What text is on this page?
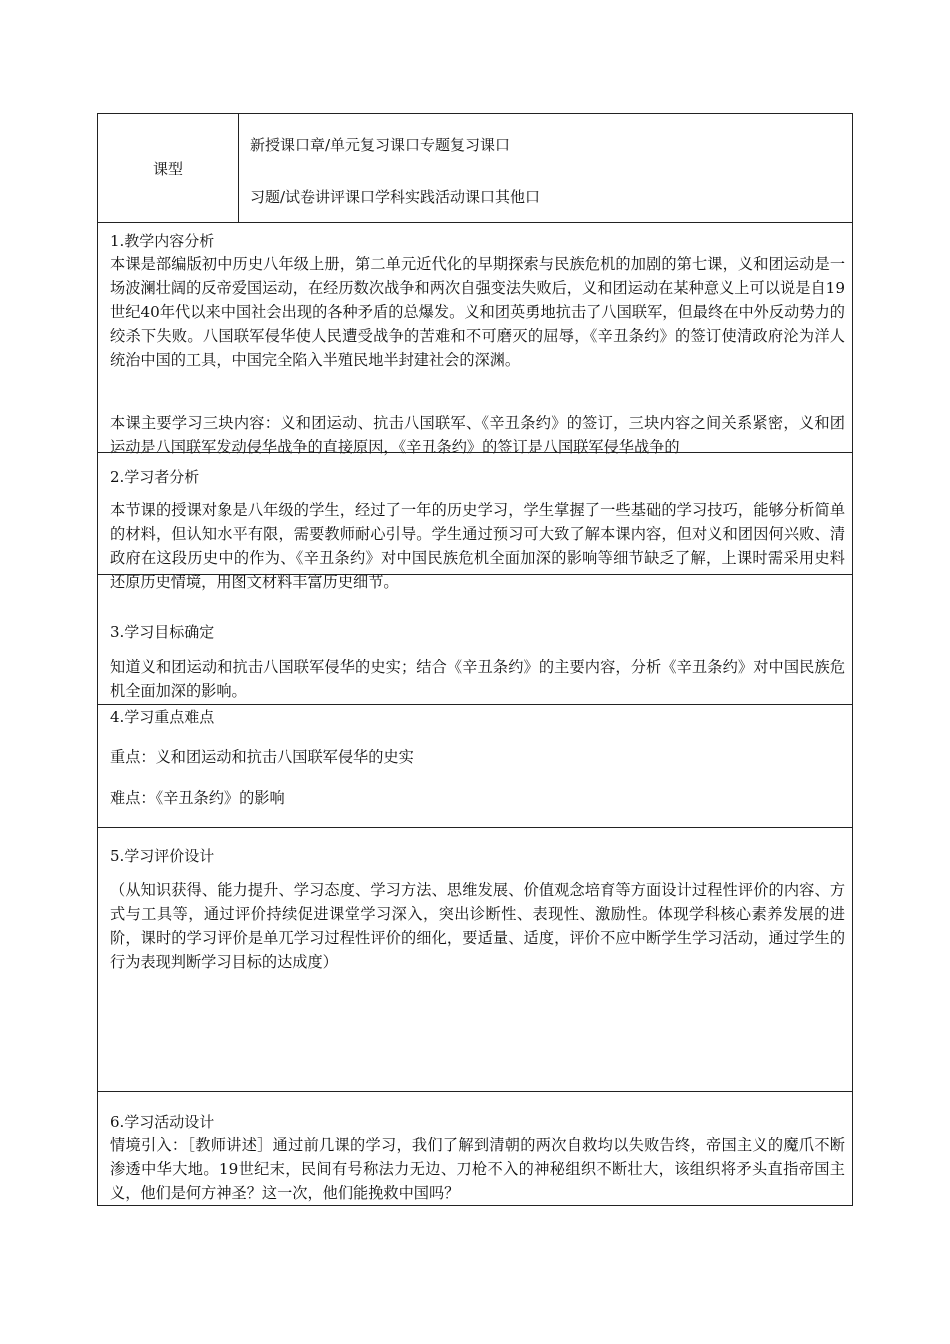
课型
新授课口章/单元复习课口专题复习课口
习题/试卷讲评课口学科实践活动课口其他口
1.教学内容分析
本课是部编版初中历史八年级上册，第二单元近代化的早期探索与民族危机的加剧的第七课，义和团运动是一场波澜壮阔的反帝爱国运动，在经历数次战争和两次自强变法失败后，义和团运动在某种意义上可以说是自19世纪40年代以来中国社会出现的各种矛盾的总爆发。义和团英勇地抗击了八国联军，但最终在中外反动势力的绞杀下失败。八国联军侵华使人民遭受战争的苦难和不可磨灭的屈辱，《辛丑条约》的签订使清政府沦为洋人统治中国的工具，中国完全陷入半殖民地半封建社会的深渊。
本课主要学习三块内容：义和团运动、抗击八国联军、《辛丑条约》的签订，三块内容之间关系紧密，义和团运动是八国联军发动侵华战争的直接原因，《辛丑条约》的签订是八国联军侵华战争的
2.学习者分析
本节课的授课对象是八年级的学生，经过了一年的历史学习，学生掌握了一些基础的学习技巧，能够分析简单的材料，但认知水平有限，需要教师耐心引导。学生通过预习可大致了解本课内容，但对义和团因何兴败、清政府在这段历史中的作为、《辛丑条约》对中国民族危机全面加深的影响等细节缺乏了解，上课时需采用史料还原历史情境，用图文材料丰富历史细节。
3.学习目标确定
知道义和团运动和抗击八国联军侵华的史实；结合《辛丑条约》的主要内容，分析《辛丑条约》对中国民族危机全面加深的影响。
4.学习重点难点
重点：义和团运动和抗击八国联军侵华的史实
难点：《辛丑条约》的影响
5.学习评价设计
（从知识获得、能力提升、学习态度、学习方法、思维发展、价值观念培育等方面设计过程性评价的内容、方式与工具等，通过评价持续促进课堂学习深入，突出诊断性、表现性、激励性。体现学科核心素养发展的进阶，课时的学习评价是单兀学习过程性评价的细化，要适量、适度，评价不应中断学生学习活动，通过学生的行为表现判断学习目标的达成度）
6.学习活动设计
情境引入：［教师讲述］通过前几课的学习，我们了解到清朝的两次自救均以失败告终，帝国主义的魔爪不断渗透中华大地。19世纪末，民间有号称法力无边、刀枪不入的神秘组织不断壮大，该组织将矛头直指帝国主义，他们是何方神圣？这一次，他们能挽救中国吗？
